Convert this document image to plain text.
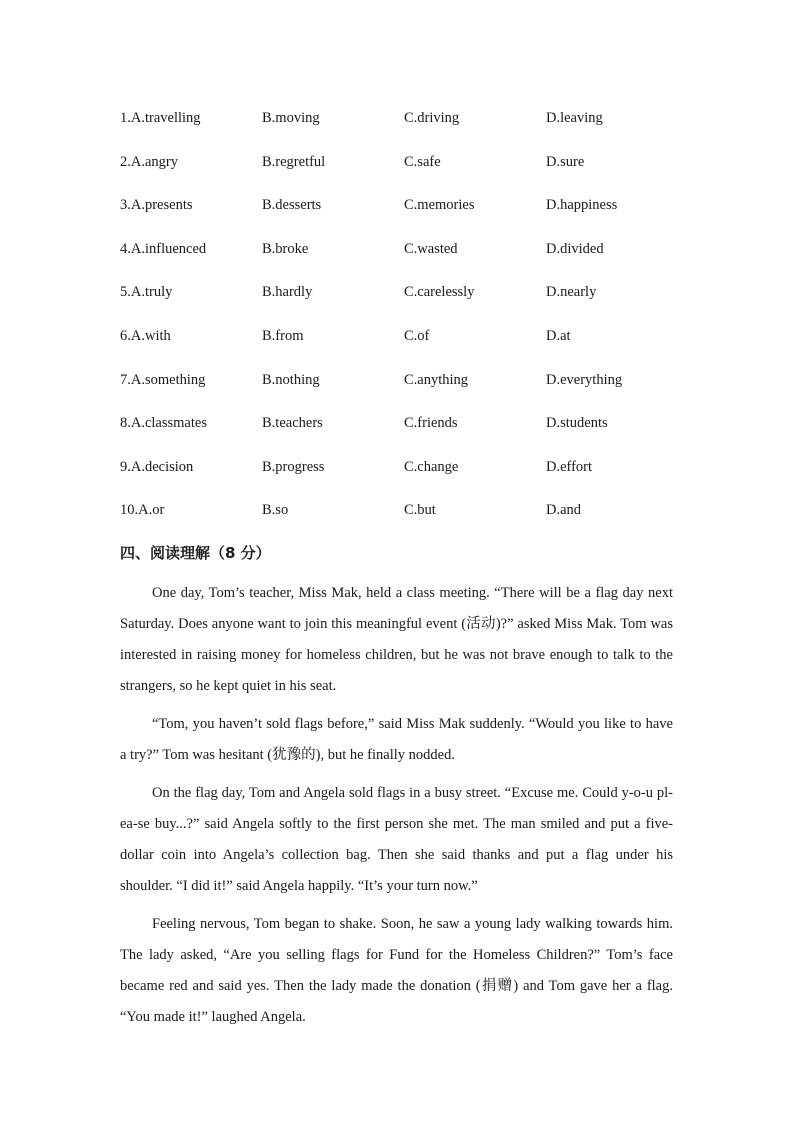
1.A.travelling	B.moving	C.driving	D.leaving
2.A.angry	B.regretful	C.safe	D.sure
3.A.presents	B.desserts	C.memories	D.happiness
4.A.influenced	B.broke	C.wasted	D.divided
5.A.truly	B.hardly	C.carelessly	D.nearly
6.A.with	B.from	C.of	D.at
7.A.something	B.nothing	C.anything	D.everything
8.A.classmates	B.teachers	C.friends	D.students
9.A.decision	B.progress	C.change	D.effort
10.A.or	B.so	C.but	D.and
四、阅读理解（8 分）

One day, Tom’s teacher, Miss Mak, held a class meeting. “There will be a flag day next Saturday. Does anyone want to join this meaningful event (活动)?” asked Miss Mak. Tom was interested in raising money for homeless children, but he was not brave enough to talk to the strangers, so he kept quiet in his seat.

“Tom, you haven’t sold flags before,” said Miss Mak suddenly. “Would you like to have a try?” Tom was hesitant (犹豫的), but he finally nodded.

On the flag day, Tom and Angela sold flags in a busy street. “Excuse me. Could y-o-u pl-ea-se buy...?” said Angela softly to the first person she met. The man smiled and put a five-dollar coin into Angela’s collection bag. Then she said thanks and put a flag under his shoulder. “I did it!” said Angela happily. “It’s your turn now.”

Feeling nervous, Tom began to shake. Soon, he saw a young lady walking towards him. The lady asked, “Are you selling flags for Fund for the Homeless Children?” Tom’s face became red and said yes. Then the lady made the donation (捐赠) and Tom gave her a flag. “You made it!” laughed Angela.
